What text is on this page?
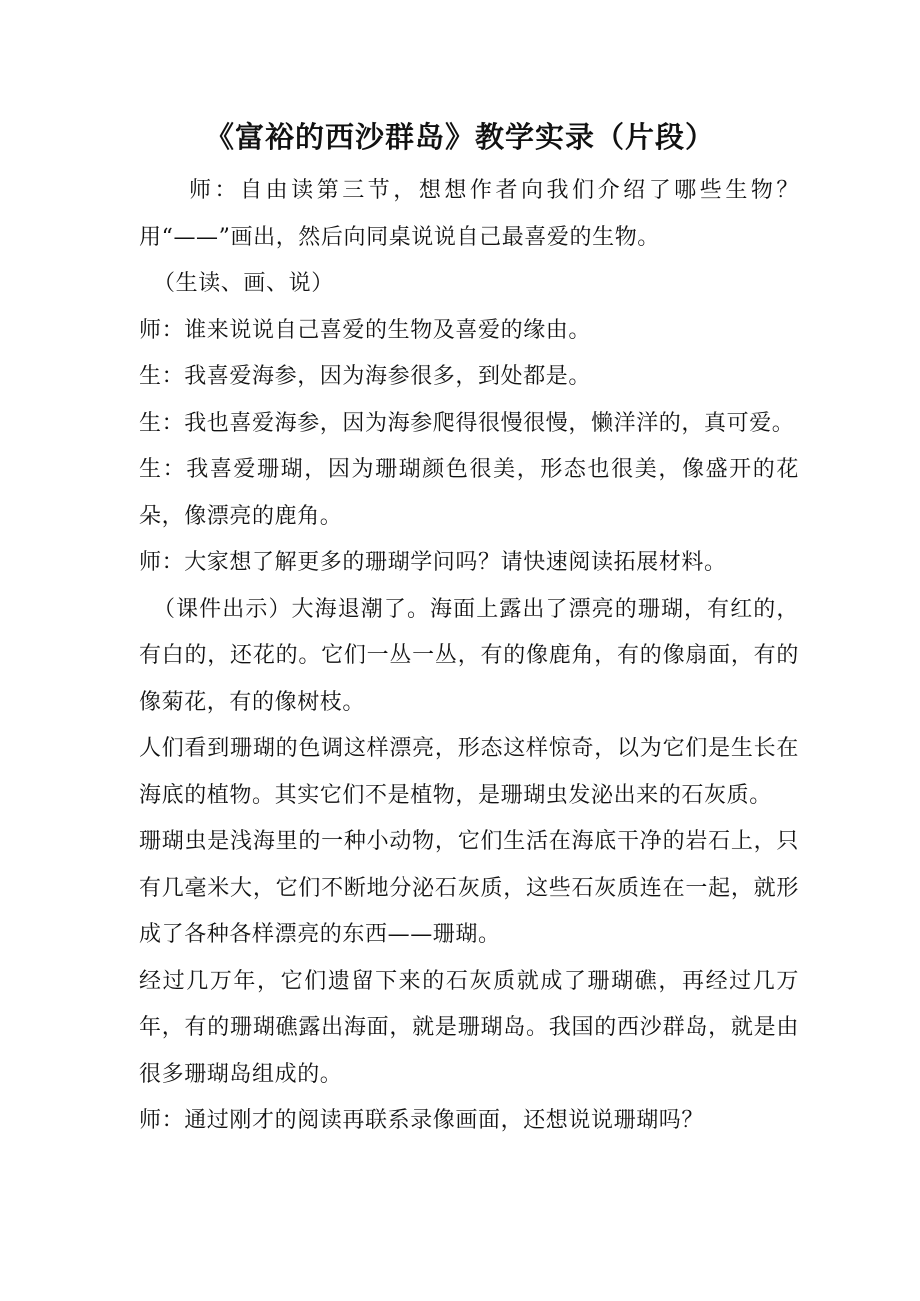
《富裕的西沙群岛》教学实录（片段）

师：自由读第三节，想想作者向我们介绍了哪些生物？用“——”画出，然后向同桌说说自己最喜爱的生物。

（生读、画、说）

师：谁来说说自己喜爱的生物及喜爱的缘由。

生：我喜爱海参，因为海参很多，到处都是。

生：我也喜爱海参，因为海参爬得很慢很慢，懒洋洋的，真可爱。

生：我喜爱珊瑚，因为珊瑚颜色很美，形态也很美，像盛开的花朵，像漂亮的鹿角。

师：大家想了解更多的珊瑚学问吗？请快速阅读拓展材料。

（课件出示）大海退潮了。海面上露出了漂亮的珊瑚，有红的，有白的，还花的。它们一丛一丛，有的像鹿角，有的像扇面，有的像菊花，有的像树枝。

人们看到珊瑚的色调这样漂亮，形态这样惊奇，以为它们是生长在海底的植物。其实它们不是植物，是珊瑚虫发泌出来的石灰质。

珊瑚虫是浅海里的一种小动物，它们生活在海底干净的岩石上，只有几毫米大，它们不断地分泌石灰质，这些石灰质连在一起，就形成了各种各样漂亮的东西——珊瑚。

经过几万年，它们遗留下来的石灰质就成了珊瑚礁，再经过几万年，有的珊瑚礁露出海面，就是珊瑚岛。我国的西沙群岛，就是由很多珊瑚岛组成的。

师：通过刚才的阅读再联系录像画面，还想说说珊瑚吗？
